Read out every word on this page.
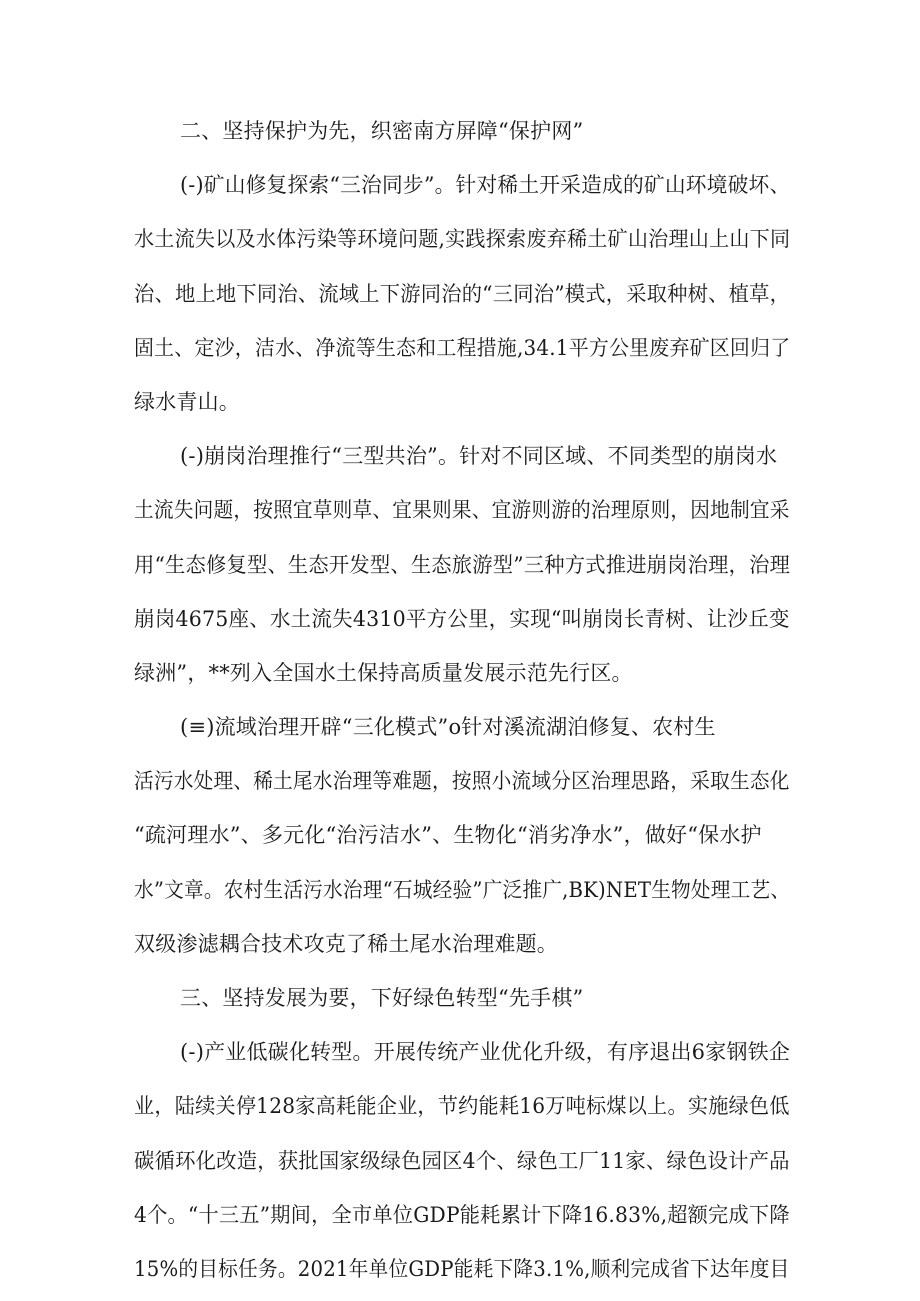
二、坚持保护为先，织密南方屏障“保护网”
(-)矿山修复探索“三治同步”。针对稀土开采造成的矿山环境破坏、
水土流失以及水体污染等环境问题,实践探索废弃稀土矿山治理山上山下同
治、地上地下同治、流域上下游同治的“三同治”模式，采取种树、植草，
固土、定沙，洁水、净流等生态和工程措施,34.1平方公里废弃矿区回归了
绿水青山。
(-)崩岗治理推行“三型共治”。针对不同区域、不同类型的崩岗水
土流失问题，按照宜草则草、宜果则果、宜游则游的治理原则，因地制宜采
用“生态修复型、生态开发型、生态旅游型”三种方式推进崩岗治理，治理
崩岗4675座、水土流失4310平方公里，实现“叫崩岗长青树、让沙丘变
绿洲”，**列入全国水土保持高质量发展示范先行区。
(≡)流域治理开辟“三化模式”o针对溪流湖泊修复、农村生
活污水处理、稀土尾水治理等难题，按照小流域分区治理思路，采取生态化
“疏河理水”、多元化“治污洁水”、生物化“消劣净水”，做好“保水护
水”文章。农村生活污水治理“石城经验”广泛推广,BK)NET生物处理工艺、
双级渗滤耦合技术攻克了稀土尾水治理难题。
三、坚持发展为要，下好绿色转型“先手棋”
(-)产业低碳化转型。开展传统产业优化升级，有序退出6家钢铁企
业，陆续关停128家高耗能企业，节约能耗16万吨标煤以上。实施绿色低
碳循环化改造，获批国家级绿色园区4个、绿色工厂11家、绿色设计产品
4个。“十三五”期间，全市单位GDP能耗累计下降16.83%,超额完成下降
15%的目标任务。2021年单位GDP能耗下降3.1%,顺利完成省下达年度目
